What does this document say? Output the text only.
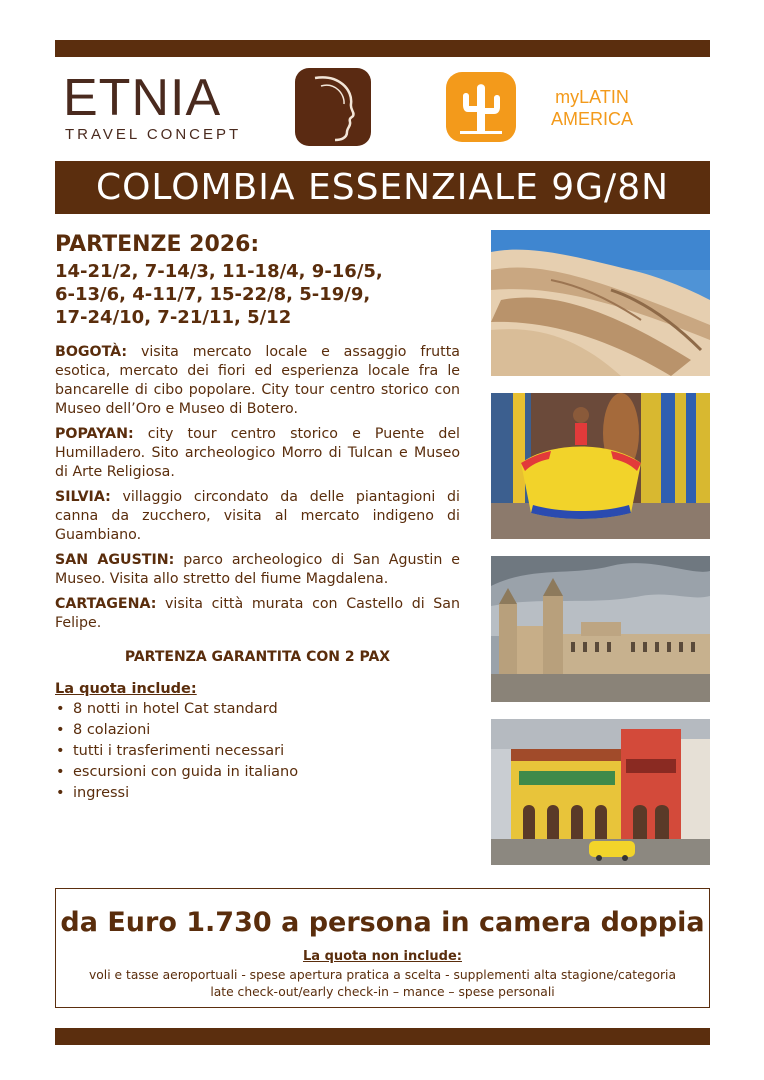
ETNIA
TRAVEL CONCEPT
myLATIN
AMERICA
COLOMBIA ESSENZIALE 9G/8N
PARTENZE 2026:
14-21/2, 7-14/3, 11-18/4, 9-16/5,
6-13/6, 4-11/7, 15-22/8, 5-19/9,
17-24/10, 7-21/11, 5/12

BOGOTÀ: visita mercato locale e assaggio frutta esotica, mercato dei fiori ed esperienza locale fra le bancarelle di cibo popolare. City tour centro storico con Museo dell’Oro e Museo di Botero.

POPAYAN: city tour centro storico e Puente del Humilladero. Sito archeologico Morro di Tulcan e Museo di Arte Religiosa.

SILVIA: villaggio circondato da delle piantagioni di canna da zucchero, visita al mercato indigeno di Guambiano.

SAN AGUSTIN: parco archeologico di San Agustin e Museo. Visita allo stretto del fiume Magdalena.

CARTAGENA: visita città murata con Castello di San Felipe.

PARTENZA GARANTITA CON 2 PAX
La quota include:
• 8 notti in hotel Cat standard
• 8 colazioni
• tutti i trasferimenti necessari
• escursioni con guida in italiano
• ingressi
da Euro 1.730 a persona in camera doppia
La quota non include:
voli e tasse aeroportuali - spese apertura pratica a scelta - supplementi alta stagione/categoria
late check-out/early check-in – mance – spese personali
